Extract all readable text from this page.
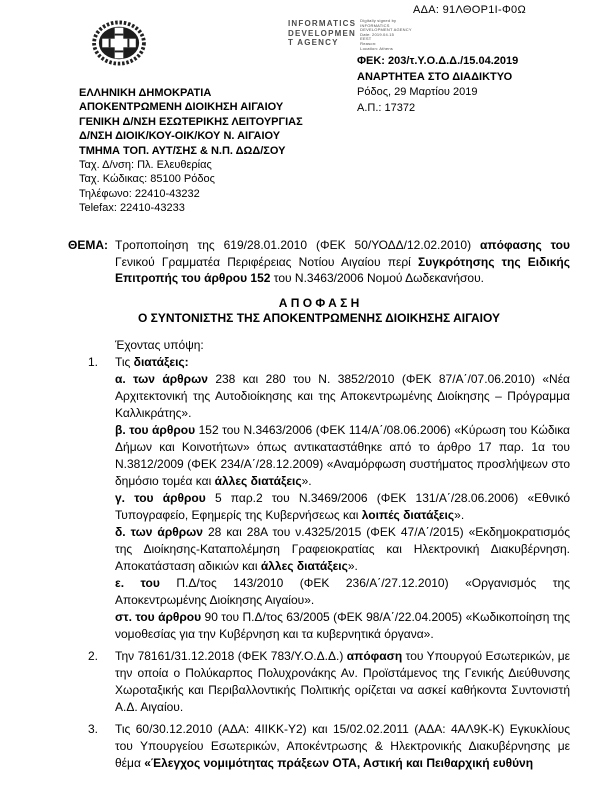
ΑΔΑ: 91ΛΘΟΡ1Ι-Φ0Ω
INFORMATICS
DEVELOPMEN
T AGENCY
Digitally signed by
INFORMATICS
DEVELOPMENT AGENCY
Date: 2019.04.15
EEST
Reason:
Location: Athens
ΕΛΛΗΝΙΚΗ ΔΗΜΟΚΡΑΤΙΑ
ΑΠΟΚΕΝΤΡΩΜΕΝΗ ΔΙΟΙΚΗΣΗ ΑΙΓΑΙΟΥ
ΓΕΝΙΚΗ Δ/ΝΣΗ ΕΣΩΤΕΡΙΚΗΣ ΛΕΙΤΟΥΡΓΙΑΣ
Δ/ΝΣΗ ΔΙΟΙΚ/ΚΟΥ-ΟΙΚ/ΚΟΥ Ν. ΑΙΓΑΙΟΥ
ΤΜΗΜΑ ΤΟΠ. ΑΥΤ/ΣΗΣ & Ν.Π. ΔΩΔ/ΣΟΥ
Ταχ. Δ/νση: Πλ. Ελευθερίας
Ταχ. Κώδικας: 85100 Ρόδος
Τηλέφωνο: 22410-43232
Telefax: 22410-43233
ΦΕΚ: 203/τ.Υ.Ο.Δ.Δ./15.04.2019
ΑΝΑΡΤΗΤΕΑ ΣΤΟ ΔΙΑΔΙΚΤΥΟ
Ρόδος, 29 Μαρτίου 2019
Α.Π.: 17372
ΘΕΜΑ: Τροποποίηση της 619/28.01.2010 (ΦΕΚ 50/ΥΟΔΔ/12.02.2010) απόφασης του Γενικού Γραμματέα Περιφέρειας Νοτίου Αιγαίου περί Συγκρότησης της Ειδικής Επιτροπής του άρθρου 152 του Ν.3463/2006 Νομού Δωδεκανήσου.
Α Π Ο Φ Α Σ Η
Ο ΣΥΝΤΟΝΙΣΤΗΣ ΤΗΣ ΑΠΟΚΕΝΤΡΩΜΕΝΗΣ ΔΙΟΙΚΗΣΗΣ ΑΙΓΑΙΟΥ
Έχοντας υπόψη:
1.	Τις διατάξεις:

α. των άρθρων 238 και 280 του Ν. 3852/2010 (ΦΕΚ 87/Α΄/07.06.2010) «Νέα Αρχιτεκτονική της Αυτοδιοίκησης και της Αποκεντρωμένης Διοίκησης – Πρόγραμμα Καλλικράτης».

β. του άρθρου 152 του Ν.3463/2006 (ΦΕΚ 114/Α΄/08.06.2006) «Κύρωση του Κώδικα Δήμων και Κοινοτήτων» όπως αντικαταστάθηκε από το άρθρο 17 παρ. 1α του Ν.3812/2009 (ΦΕΚ 234/Α΄/28.12.2009) «Αναμόρφωση συστήματος προσλήψεων στο δημόσιο τομέα και άλλες διατάξεις».

γ. του άρθρου 5 παρ.2 του Ν.3469/2006 (ΦΕΚ 131/Α΄/28.06.2006) «Εθνικό Τυπογραφείο, Εφημερίς της Κυβερνήσεως και λοιπές διατάξεις».

δ. των άρθρων 28 και 28Α του ν.4325/2015 (ΦΕΚ 47/Α΄/2015) «Εκδημοκρατισμός της Διοίκησης-Καταπολέμηση Γραφειοκρατίας και Ηλεκτρονική Διακυβέρνηση. Αποκατάσταση αδικιών και άλλες διατάξεις».

ε. του Π.Δ/τος 143/2010 (ΦΕΚ 236/Α΄/27.12.2010) «Οργανισμός της Αποκεντρωμένης Διοίκησης Αιγαίου».

στ. του άρθρου 90 του Π.Δ/τος 63/2005 (ΦΕΚ 98/Α΄/22.04.2005) «Κωδικοποίηση της νομοθεσίας για την Κυβέρνηση και τα κυβερνητικά όργανα».

2.	Την 78161/31.12.2018 (ΦΕΚ 783/Υ.Ο.Δ.Δ.) απόφαση του Υπουργού Εσωτερικών, με την οποία ο Πολύκαρπος Πολυχρονάκης Αν. Προϊστάμενος της Γενικής Διεύθυνσης Χωροταξικής και Περιβαλλοντικής Πολιτικής ορίζεται να ασκεί καθήκοντα Συντονιστή Α.Δ. Αιγαίου.

3.	Τις 60/30.12.2010 (ΑΔΑ: 4ΙΙΚΚ-Υ2) και 15/02.02.2011 (ΑΔΑ: 4ΑΛ9Κ-Κ) Εγκυκλίους του Υπουργείου Εσωτερικών, Αποκέντρωσης & Ηλεκτρονικής Διακυβέρνησης με θέμα «Έλεγχος νομιμότητας πράξεων ΟΤΑ, Αστική και Πειθαρχική ευθύνη
